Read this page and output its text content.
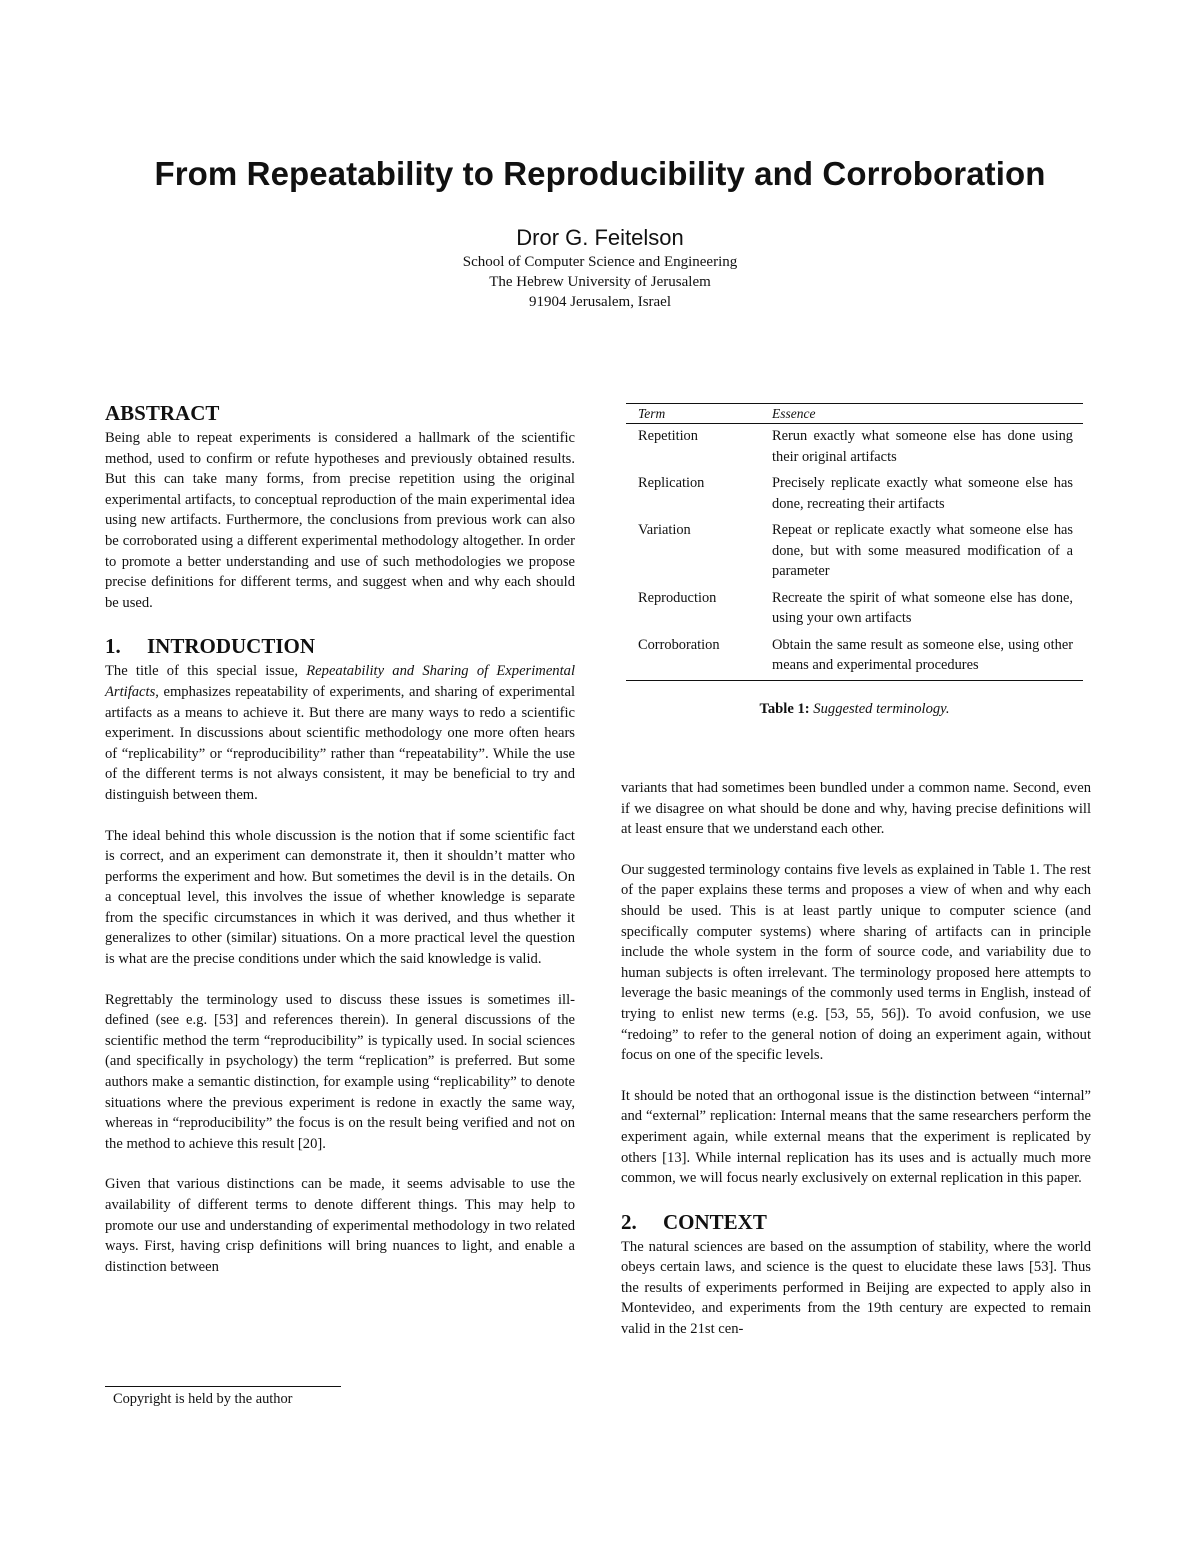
From Repeatability to Reproducibility and Corroboration
Dror G. Feitelson
School of Computer Science and Engineering
The Hebrew University of Jerusalem
91904 Jerusalem, Israel
ABSTRACT

Being able to repeat experiments is considered a hallmark of the scientific method, used to confirm or refute hypotheses and previously obtained results. But this can take many forms, from precise repetition using the original experimental artifacts, to conceptual reproduction of the main experimental idea using new artifacts. Furthermore, the conclusions from previous work can also be corroborated using a different experimental methodology altogether. In order to promote a better understanding and use of such methodologies we propose precise definitions for different terms, and suggest when and why each should be used.

1. INTRODUCTION

The title of this special issue, Repeatability and Sharing of Experimental Artifacts, emphasizes repeatability of experiments, and sharing of experimental artifacts as a means to achieve it. But there are many ways to redo a scientific experiment. In discussions about scientific methodology one more often hears of “replicability” or “reproducibility” rather than “repeatability”. While the use of the different terms is not always consistent, it may be beneficial to try and distinguish between them.

The ideal behind this whole discussion is the notion that if some scientific fact is correct, and an experiment can demonstrate it, then it shouldn’t matter who performs the experiment and how. But sometimes the devil is in the details. On a conceptual level, this involves the issue of whether knowledge is separate from the specific circumstances in which it was derived, and thus whether it generalizes to other (similar) situations. On a more practical level the question is what are the precise conditions under which the said knowledge is valid.

Regrettably the terminology used to discuss these issues is sometimes ill-defined (see e.g. [53] and references therein). In general discussions of the scientific method the term “reproducibility” is typically used. In social sciences (and specifically in psychology) the term “replication” is preferred. But some authors make a semantic distinction, for example using “replicability” to denote situations where the previous experiment is redone in exactly the same way, whereas in “reproducibility” the focus is on the result being verified and not on the method to achieve this result [20].

Given that various distinctions can be made, it seems advisable to use the availability of different terms to denote different things. This may help to promote our use and understanding of experimental methodology in two related ways. First, having crisp definitions will bring nuances to light, and enable a distinction between

Copyright is held by the author
Term	Essence
Repetition	Rerun exactly what someone else has done using their original artifacts
Replication	Precisely replicate exactly what someone else has done, recreating their artifacts
Variation	Repeat or replicate exactly what someone else has done, but with some measured modification of a parameter
Reproduction	Recreate the spirit of what someone else has done, using your own artifacts
Corroboration	Obtain the same result as someone else, using other means and experimental procedures
Table 1: Suggested terminology.

variants that had sometimes been bundled under a common name. Second, even if we disagree on what should be done and why, having precise definitions will at least ensure that we understand each other.

Our suggested terminology contains five levels as explained in Table 1. The rest of the paper explains these terms and proposes a view of when and why each should be used. This is at least partly unique to computer science (and specifically computer systems) where sharing of artifacts can in principle include the whole system in the form of source code, and variability due to human subjects is often irrelevant. The terminology proposed here attempts to leverage the basic meanings of the commonly used terms in English, instead of trying to enlist new terms (e.g. [53, 55, 56]). To avoid confusion, we use “redoing” to refer to the general notion of doing an experiment again, without focus on one of the specific levels.

It should be noted that an orthogonal issue is the distinction between “internal” and “external” replication: Internal means that the same researchers perform the experiment again, while external means that the experiment is replicated by others [13]. While internal replication has its uses and is actually much more common, we will focus nearly exclusively on external replication in this paper.

2. CONTEXT

The natural sciences are based on the assumption of stability, where the world obeys certain laws, and science is the quest to elucidate these laws [53]. Thus the results of experiments performed in Beijing are expected to apply also in Montevideo, and experiments from the 19th century are expected to remain valid in the 21st cen-
